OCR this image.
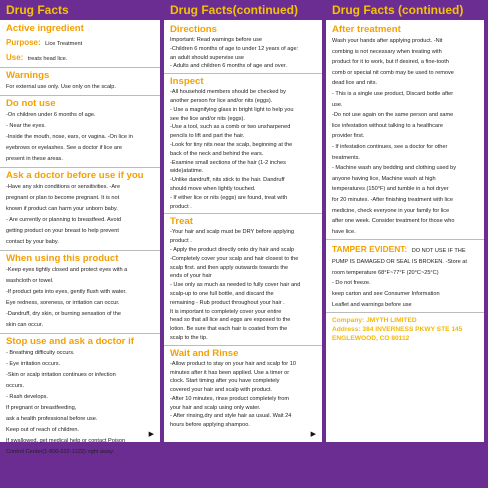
Drug Facts
Active ingredient
Purpose: Lice Treatment
Use: treats head lice.
Warnings
For external use only. Use only on the scalp.
Do not use
-On children under 6 months of age.
- Near the eyes.
-Inside the mouth, nose, ears, or vagina. -On lice in
eyebrows or eyelashes. See a doctor if lice are
present in these areas.
Ask a doctor before use if you
-Have any skin conditions or sensitivities. -Are
pregnant or plan to become pregnant. It is not
known if product can harm your unborn baby.
- Are currently or planning to breastfeed. Avoid
getting product on your breast to help prevent
contact by your baby.
When using this product
-Keep eyes tightly closed and protect eyes with a
washcloth or towel.
-If product gets into eyes, gently flush with water.
Eye redness, soreness, or irritation can occur.
-Dandruff, dry skin, or burning sensation of the
skin can occur.
Stop use and ask a doctor if
- Breathing difficulty occurs.
- Eye irritation occurs.
-Skin or scalp irritation continues or infection
occurs.
- Rash develops.
If pregnant or breastfeeding,
ask a health professional before use.
Keep out of reach of children.
If swallowed, get medical help or contact Poison
Control Center(1-800-222-1222) right away.
▶
Drug Facts(continued)
Directions
Important: Read warnings before use
-Children 6 months of age to under 12 years of age:
an adult should supervise use
- Adults and children 6 months of age and over.
Inspect
-All household members should be checked by
another person for lice and/or nits (eggs).
- Use a magnifying glass in bright light to help you
see the lice and/or nits (eggs).
-Use a tool, such as a comb or two unsharpened
pencils to lift and part the hair.
-Look for tiny nits near the scalp, beginning at the
back of the neck and behind the ears.
-Examine small sections of the hair (1-2 inches
wide)atatime.
-Unlike dandruff, nits stick to the hair. Dandruff
should move when lightly touched.
- If either lice or nits (eggs) are found, treat with
product .
Treat
-Your hair and scalp must be DRY before applying
product .
- Apply the product directly onto dry hair and scalp
-Completely cover your scalp and hair closest to the
scalp first. and then apply outwards towards the
ends of your hair
- Use only as much as needed to fully cover hair and
scalp-up to one full bottle, and discard the
remaining - Rub product throughout your hair .
It is important to completely cover your entire
head so that all lice and eggs are exposed to the
lotion. Be sure that each hair is coated from the
scalp to the tip.
Wait and Rinse
-Allow product to stay on your hair and scalp for 10
minutes after it has been applied. Use a timer or
clock. Start timing after you have completely
covered your hair and scalp with product.
-After 10 minutes, rinse product completely from
your hair and scalp using only water.
- After rinsing,dry and style hair as usual. Wait 24
hours before applying shampoo.
▶
Drug Facts (continued)
After treatment
Wash your hands after applying product. -Nit
combing is not necessary when treating with
product for it to work, but if desired, a fine-tooth
comb or special nit comb may be used to remove
dead lice and nits.
- This is a single use product, Discard bottle after
use.
-Do not use again on the same person and same
lice infestation without talking to a healthcare
provider first.
- If infestation continues, see a doctor for other
treatments.
- Machine wash any bedding and clothing used by
anyone having lice, Machine wash at high
temperatures (150°F) and tumble in a hot dryer
for 20 minutes. -After finishing treatment with lice
medicine, check everyone in your family for lice
after one week. Consider treatment for those who
have lice.
TAMPER EVIDENT: DO NOT USE IF THE
PUMP IS DAMAGED OR SEAL IS BROKEN. -Store at
room temperature 68°F~77°F (20°C~25°C)
- Do not freeze.
keep carton and see Consumer Information
Leaflet and warnings before use
Company: JMYTH LIMITED
Address: 384 INVERNESS PKWY STE 145
ENGLEWOOD, CO 80112
